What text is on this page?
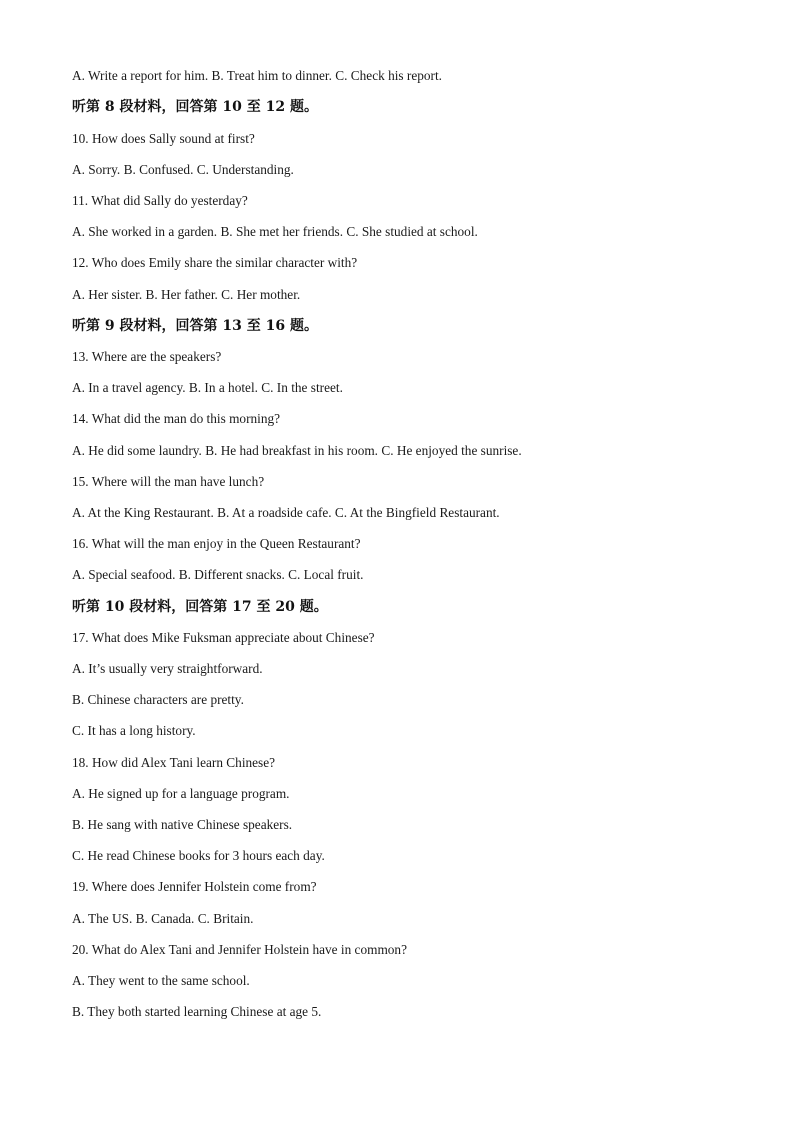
A. Write a report for him. B. Treat him to dinner. C. Check his report.
听第 8 段材料，回答第 10 至 12 题。
10. How does Sally sound at first?
A. Sorry. B. Confused. C. Understanding.
11. What did Sally do yesterday?
A. She worked in a garden. B. She met her friends. C. She studied at school.
12. Who does Emily share the similar character with?
A. Her sister. B. Her father. C. Her mother.
听第 9 段材料，回答第 13 至 16 题。
13. Where are the speakers?
A. In a travel agency. B. In a hotel. C. In the street.
14. What did the man do this morning?
A. He did some laundry. B. He had breakfast in his room. C. He enjoyed the sunrise.
15. Where will the man have lunch?
A. At the King Restaurant. B. At a roadside cafe. C. At the Bingfield Restaurant.
16. What will the man enjoy in the Queen Restaurant?
A. Special seafood. B. Different snacks. C. Local fruit.
听第 10 段材料，回答第 17 至 20 题。
17. What does Mike Fuksman appreciate about Chinese?
A. It’s usually very straightforward.
B. Chinese characters are pretty.
C. It has a long history.
18. How did Alex Tani learn Chinese?
A. He signed up for a language program.
B. He sang with native Chinese speakers.
C. He read Chinese books for 3 hours each day.
19. Where does Jennifer Holstein come from?
A. The US. B. Canada. C. Britain.
20. What do Alex Tani and Jennifer Holstein have in common?
A. They went to the same school.
B. They both started learning Chinese at age 5.
